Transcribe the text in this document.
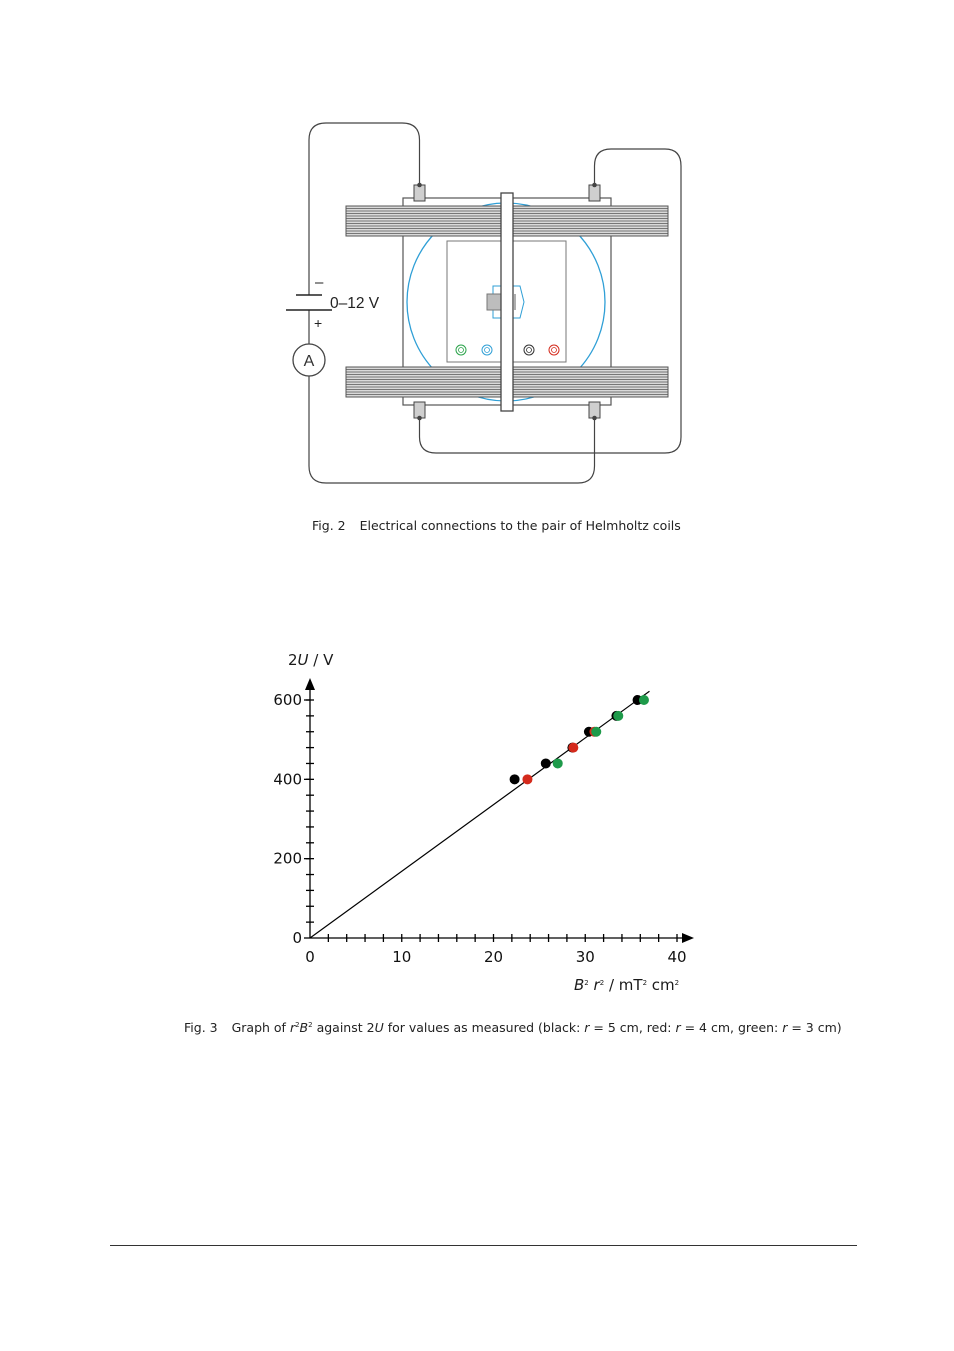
–
+
0–12 V
A
Fig. 2 Electrical connections to the pair of Helmholtz coils
0	10	20	30	40
0
200
400
600
2U / V
$B^2$ $r^2 / mT^2$ $cm^2$
Fig. 3 Graph of $r^2B^2$ against 2U for values as measured (black: r = 5 cm, red: r = 4 cm, green: r = 3 cm)
